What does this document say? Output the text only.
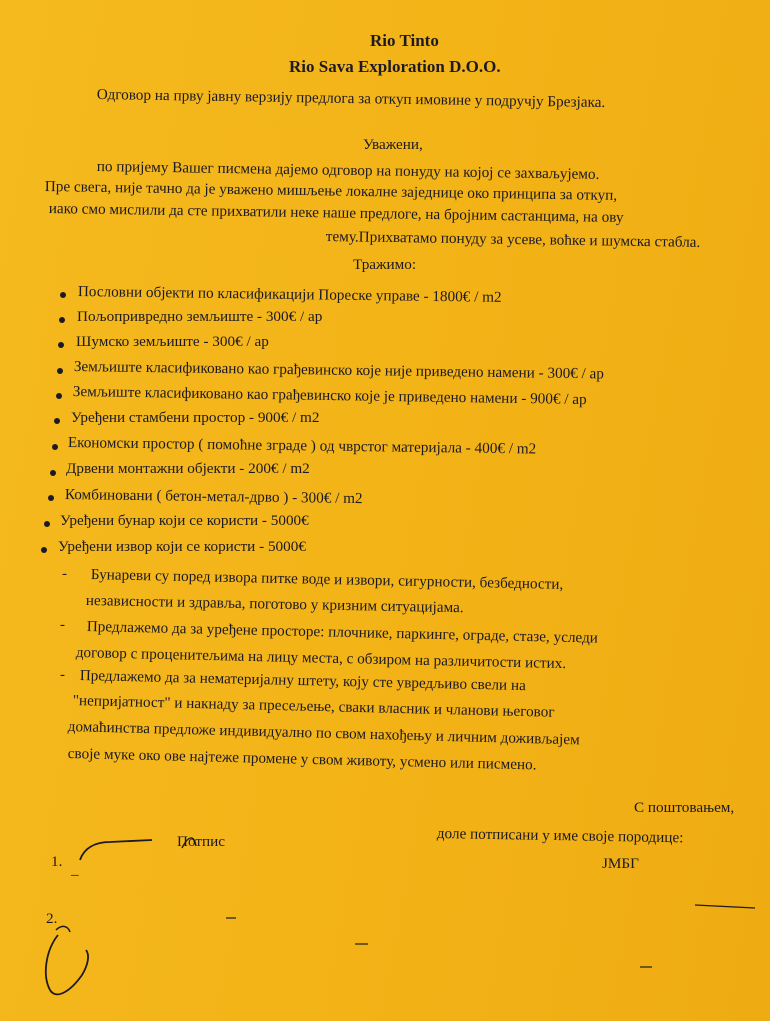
Rio Tinto
Rio Sava Exploration D.O.O.
Одговор на прву јавну верзију предлога за откуп имовине у подручју Брезјака.
Уважени,
по пријему Вашег писмена дајемо одговор на понуду на којој се захваљујемо.
Пре свега, није тачно да је уважено мишљење локалне заједнице око принципа за откуп,
иако смо мислили да сте прихватили неке наше предлоге, на бројним састанцима, на ову
тему.Прихватамо понуду за усеве, воћке и шумска стабла.
Тражимо:
Пословни објекти по класификацији Пореске управе - 1800€ / m2
Пољопривредно земљиште - 300€ / ар
Шумско земљиште - 300€ / ар
Земљиште класификовано као грађевинско које није приведено намени - 300€ / ар
Земљиште класификовано као грађевинско које је приведено намени - 900€ / ар
Уређени стамбени простор - 900€ / m2
Економски простор ( помоћне зграде ) од чврстог материјала - 400€ / m2
Дрвени монтажни објекти - 200€ / m2
Комбиновани ( бетон-метал-дрво ) - 300€ / m2
Уређени бунар који се користи - 5000€
Уређени извор који се користи - 5000€
- Бунареви су поред извора питке воде и извори, сигурности, безбедности,
независности и здравља, поготово у кризним ситуацијама.
- Предлажемо да за уређене просторе: плочнике, паркинге, ограде, стазе, уследи
договор с проценитељима на лицу места, с обзиром на различитости истих.
- Предлажемо да за нематеријалну штету, коју сте увредљиво свели на
"непријатност" и накнаду за пресељење, сваки власник и чланови његовог
домаћинства предложе индивидуално по свом нахођењу и личним доживљајем
своје муке око ове најтеже промене у свом животу, усмено или писмено.
С поштовањем,
доле потписани у име своје породице:
1. _
Потпис
ЈМБГ
2.
